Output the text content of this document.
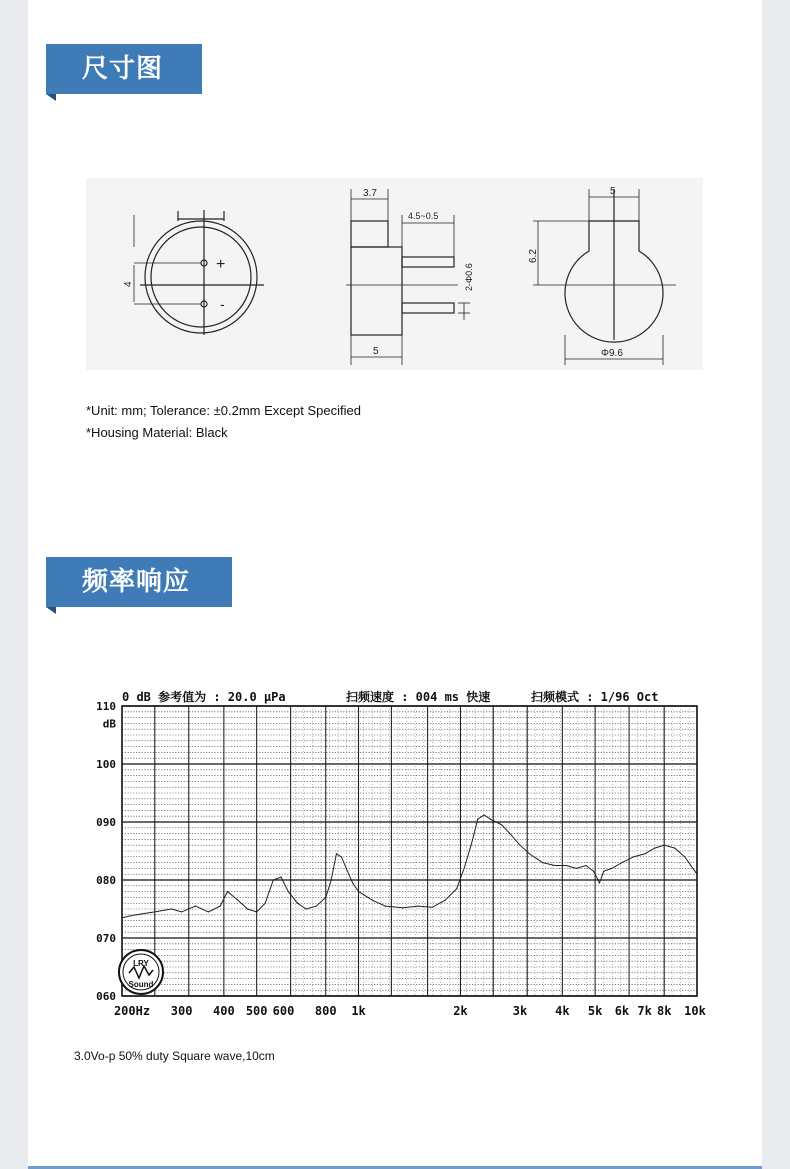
尺寸图
4
+
-
3.7
4.5~0.5
2-Φ0.6
5
5
6.2
Φ9.6
*Unit: mm; Tolerance: ±0.2mm Except Specified
*Housing Material: Black
频率响应
LRY
Sound
110
100
090
080
070
060
dB
200Hz 300 400 500 600 800 1k	2k	3k 4k 5k 6k 7k 8k 10k
0 dB 参考值为 : 20.0 μPa	扫频速度 : 004 ms 快速	扫频模式 : 1/96 Oct
3.0Vo-p 50% duty Square wave,10cm
